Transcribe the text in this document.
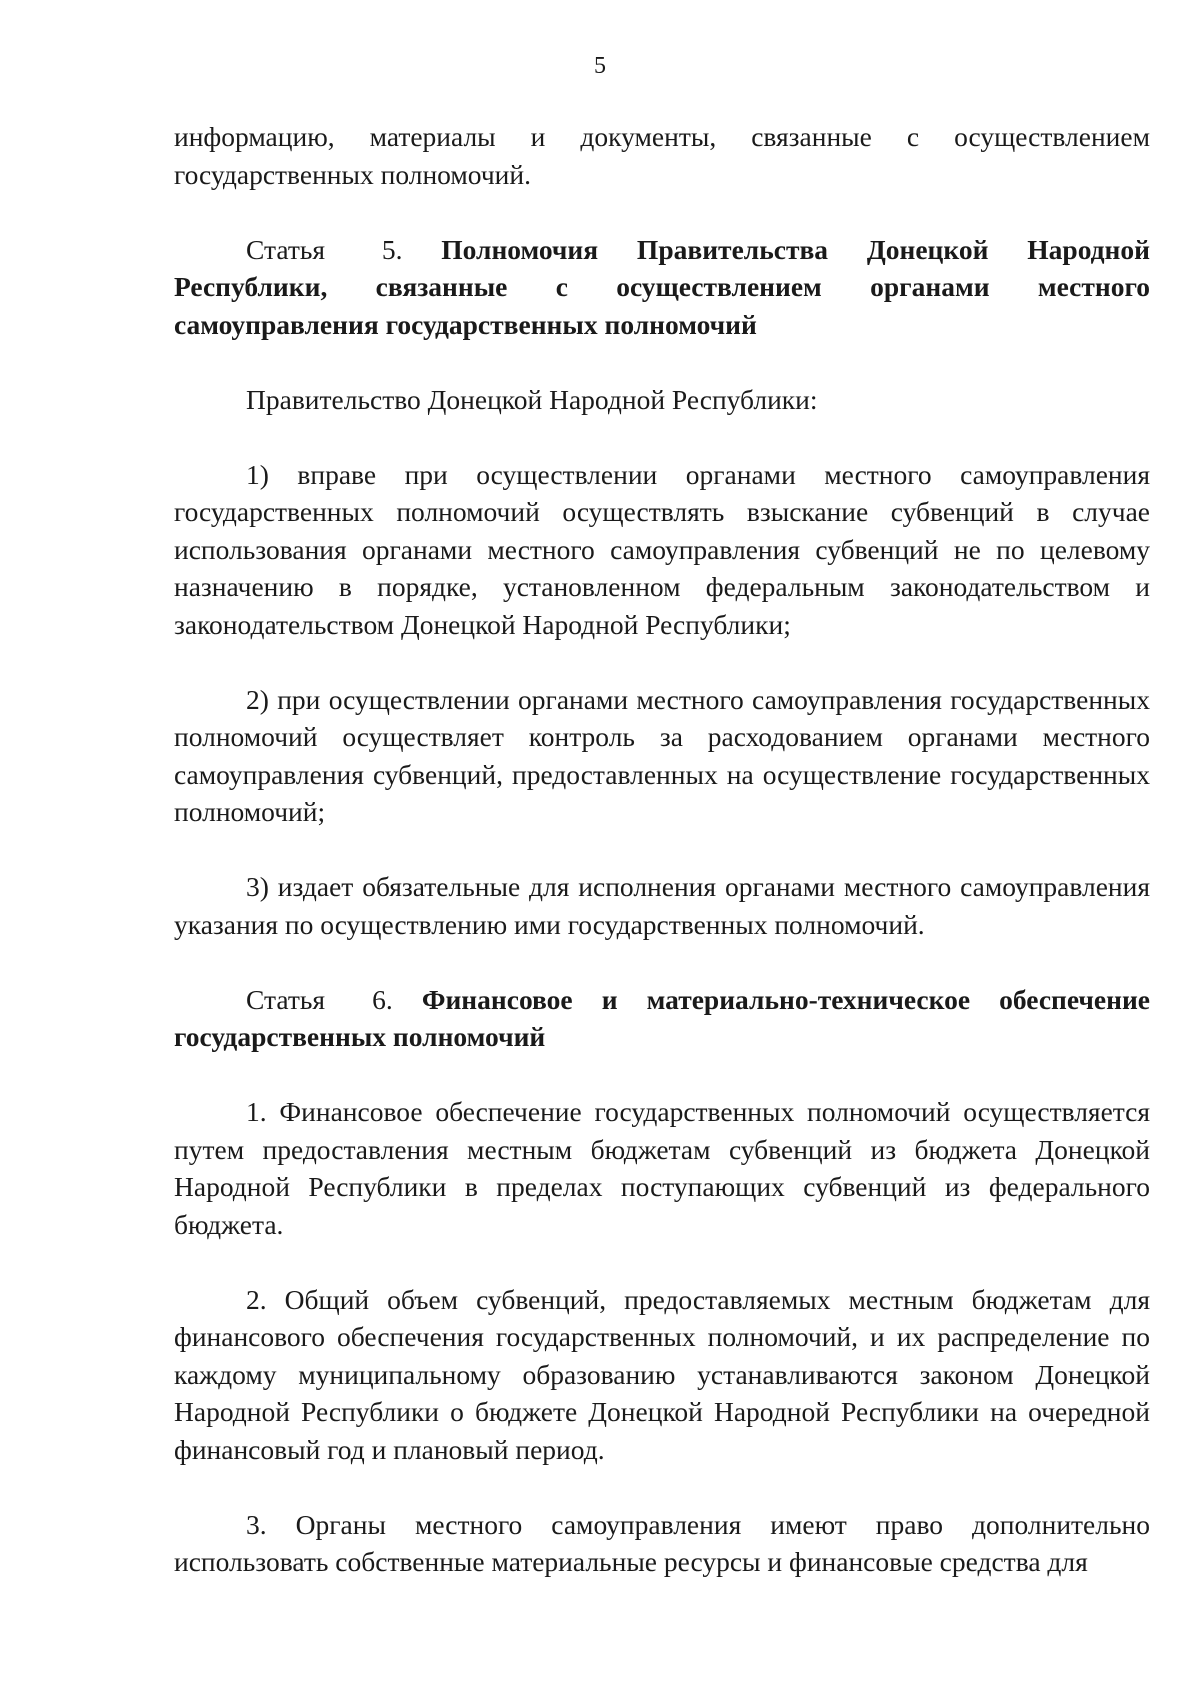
5

информацию, материалы и документы, связанные с осуществлением государственных полномочий.

Статья 5. Полномочия Правительства Донецкой Народной Республики, связанные с осуществлением органами местного самоуправления государственных полномочий

Правительство Донецкой Народной Республики:

1) вправе при осуществлении органами местного самоуправления государственных полномочий осуществлять взыскание субвенций в случае использования органами местного самоуправления субвенций не по целевому назначению в порядке, установленном федеральным законодательством и законодательством Донецкой Народной Республики;

2) при осуществлении органами местного самоуправления государственных полномочий осуществляет контроль за расходованием органами местного самоуправления субвенций, предоставленных на осуществление государственных полномочий;

3) издает обязательные для исполнения органами местного самоуправления указания по осуществлению ими государственных полномочий.

Статья 6. Финансовое и материально-техническое обеспечение государственных полномочий

1. Финансовое обеспечение государственных полномочий осуществляется путем предоставления местным бюджетам субвенций из бюджета Донецкой Народной Республики в пределах поступающих субвенций из федерального бюджета.

2. Общий объем субвенций, предоставляемых местным бюджетам для финансового обеспечения государственных полномочий, и их распределение по каждому муниципальному образованию устанавливаются законом Донецкой Народной Республики о бюджете Донецкой Народной Республики на очередной финансовый год и плановый период.

3. Органы местного самоуправления имеют право дополнительно использовать собственные материальные ресурсы и финансовые средства для
